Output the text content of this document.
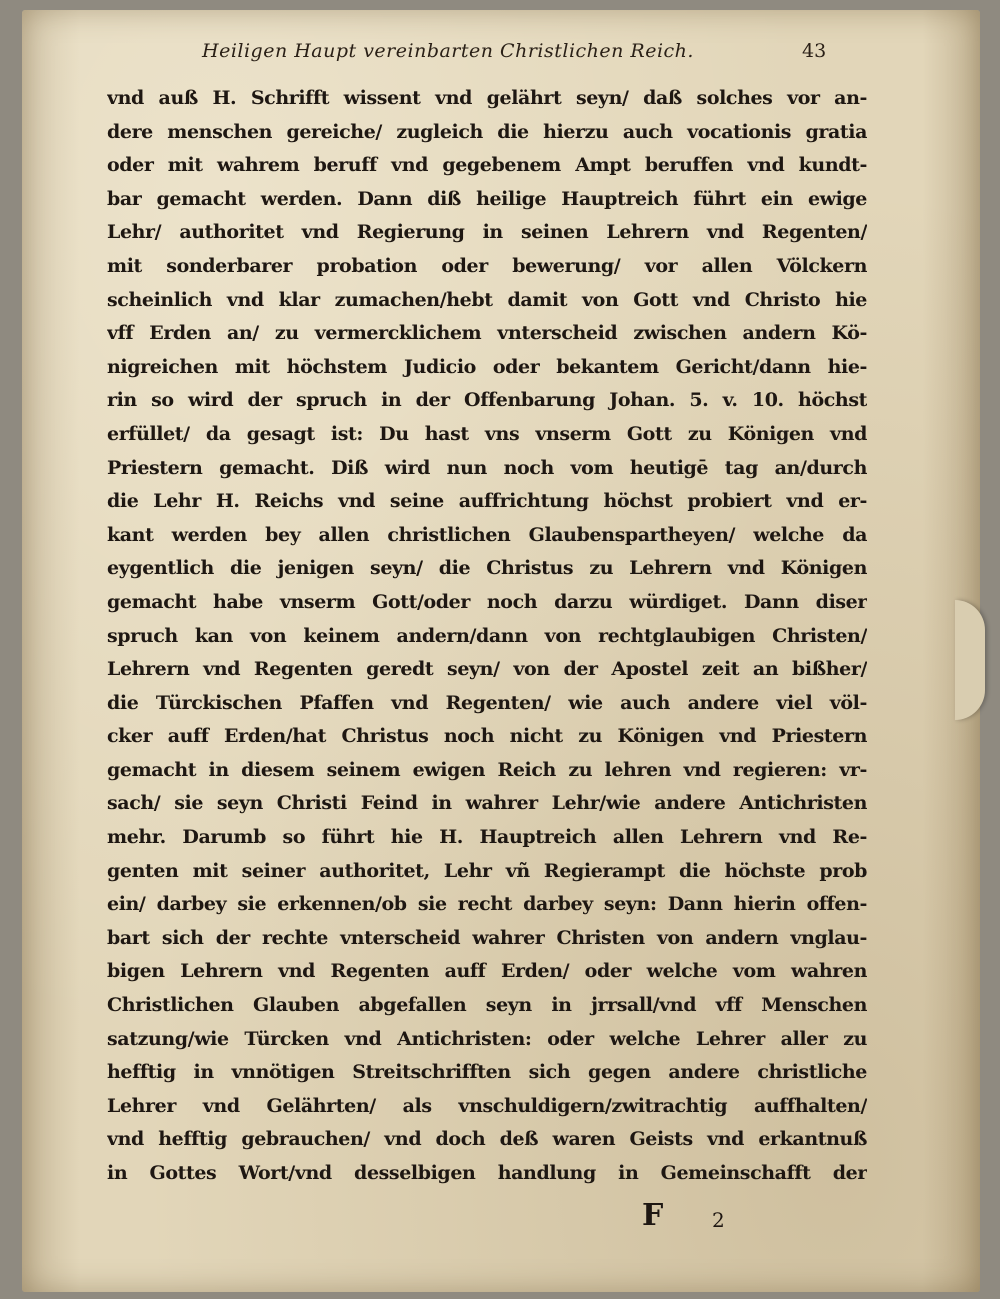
Heiligen Haupt vereinbarten Christlichen Reich.	43
vnd auß H. Schrifft wissent vnd gelährt seyn/ daß solches vor an-
dere menschen gereiche/ zugleich die hierzu auch vocationis gratia
oder mit wahrem beruff vnd gegebenem Ampt beruffen vnd kundt-
bar gemacht werden. Dann diß heilige Hauptreich führt ein ewige
Lehr/ authoritet vnd Regierung in seinen Lehrern vnd Regenten/
mit sonderbarer probation oder bewerung/ vor allen Völckern
scheinlich vnd klar zumachen/hebt damit von Gott vnd Christo hie
vff Erden an/ zu vermercklichem vnterscheid zwischen andern Kö-
nigreichen mit höchstem Judicio oder bekantem Gericht/dann hie-
rin so wird der spruch in der Offenbarung Johan. 5. v. 10. höchst
erfüllet/ da gesagt ist: Du hast vns vnserm Gott zu Königen vnd
Priestern gemacht. Diß wird nun noch vom heutigē tag an/durch
die Lehr H. Reichs vnd seine auffrichtung höchst probiert vnd er-
kant werden bey allen christlichen Glaubenspartheyen/ welche da
eygentlich die jenigen seyn/ die Christus zu Lehrern vnd Königen
gemacht habe vnserm Gott/oder noch darzu würdiget. Dann diser
spruch kan von keinem andern/dann von rechtglaubigen Christen/
Lehrern vnd Regenten geredt seyn/ von der Apostel zeit an bißher/
die Türckischen Pfaffen vnd Regenten/ wie auch andere viel völ-
cker auff Erden/hat Christus noch nicht zu Königen vnd Priestern
gemacht in diesem seinem ewigen Reich zu lehren vnd regieren: vr-
sach/ sie seyn Christi Feind in wahrer Lehr/wie andere Antichristen
mehr. Darumb so führt hie H. Hauptreich allen Lehrern vnd Re-
genten mit seiner authoritet, Lehr vñ Regierampt die höchste prob
ein/ darbey sie erkennen/ob sie recht darbey seyn: Dann hierin offen-
bart sich der rechte vnterscheid wahrer Christen von andern vnglau-
bigen Lehrern vnd Regenten auff Erden/ oder welche vom wahren
Christlichen Glauben abgefallen seyn in jrrsall/vnd vff Menschen
satzung/wie Türcken vnd Antichristen: oder welche Lehrer aller zu
hefftig in vnnötigen Streitschrifften sich gegen andere christliche
Lehrer vnd Gelährten/ als vnschuldigern/zwitrachtig auffhalten/
vnd hefftig gebrauchen/ vnd doch deß waren Geists vnd erkantnuß
in Gottes Wort/vnd desselbigen handlung in Gemeinschafft der
F 2
